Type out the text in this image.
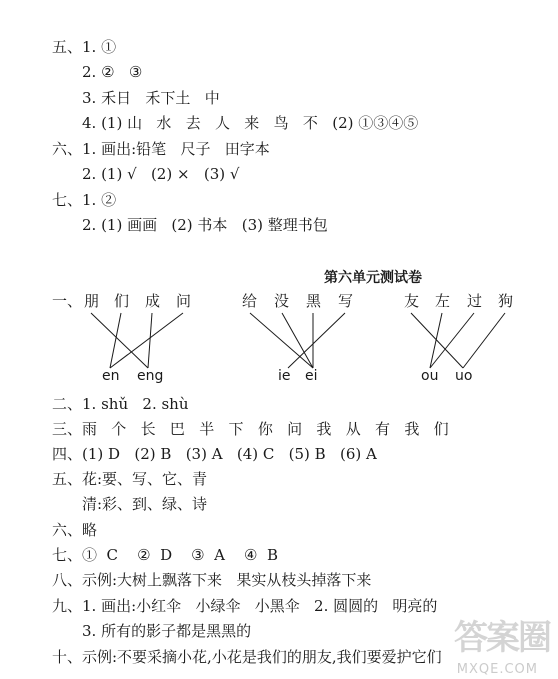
五、1. ①
2. ②   ③
3. 禾日   禾下土   中
4. (1) 山   水   去   人   来   鸟   不   (2) ①③④⑤
六、1. 画出:铅笔   尺子   田字本
2. (1) √   (2) ×   (3) √
七、1. ②
2. (1) 画画   (2) 书本   (3) 整理书包
第六单元测试卷
一、 朋 们 成 问	给 没 黑 写	友 左 过 狗
en eng	ie ei	ou uo
二、1. shǔ   2. shù
三、雨   个   长   巴   半   下   你   问   我   从   有   我   们
四、(1) D   (2) B   (3) A   (4) C   (5) B   (6) A
五、花:要、写、它、青
清:彩、到、绿、诗
六、略
七、①  C    ②  D    ③  A    ④  B
八、示例:大树上飘落下来   果实从枝头掉落下来
九、1. 画出:小红伞   小绿伞   小黑伞   2. 圆圆的   明亮的
3. 所有的影子都是黑黑的
十、示例:不要采摘小花,小花是我们的朋友,我们要爱护它们 答案圈
MXQE.COM
